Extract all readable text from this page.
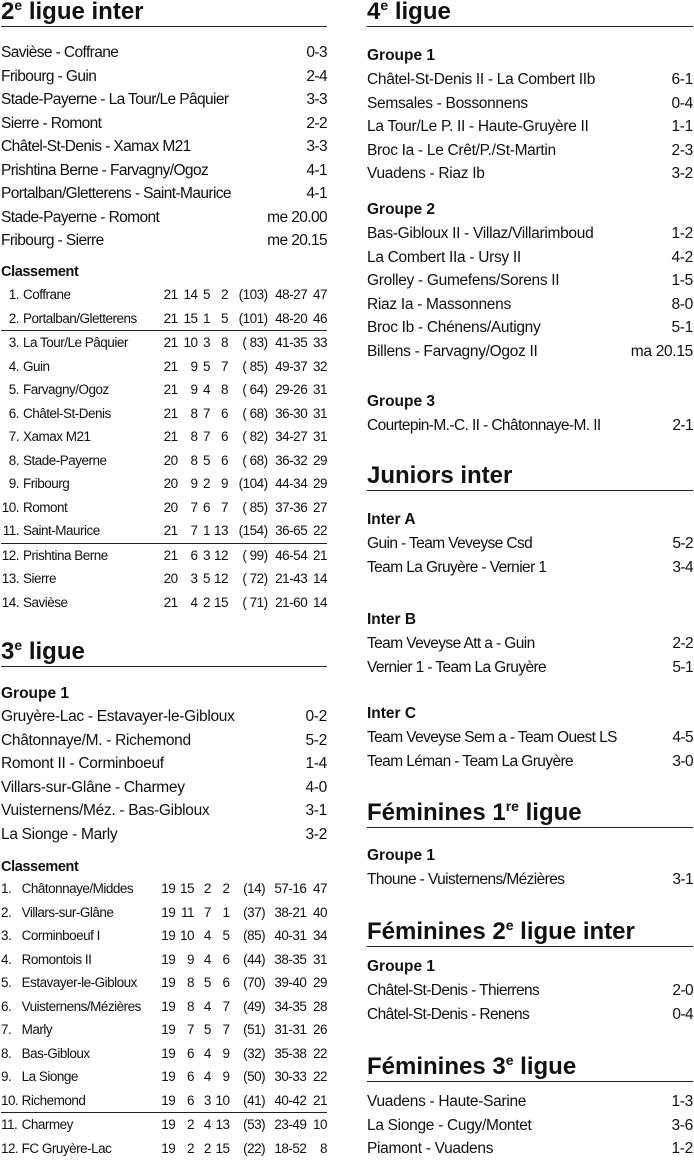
2e ligue inter
Savièse - Coffrane	0-3
Fribourg - Guin	2-4
Stade-Payerne - La Tour/Le Pâquier	3-3
Sierre - Romont	2-2
Châtel-St-Denis - Xamax M21	3-3
Prishtina Berne - Farvagny/Ogoz	4-1
Portalban/Gletterens - Saint-Maurice	4-1
Stade-Payerne - Romont	me 20.00
Fribourg - Sierre	me 20.15
Classement
1. Coffrane	21 14 5 2 (103) 48-27 47
2. Portalban/Gletterens	21 15 1 5 (101) 48-20 46
3. La Tour/Le Pâquier	21 10 3 8	( 83) 41-35 33
4. Guin	21 9 5 7	( 85) 49-37 32
5. Farvagny/Ogoz	21 9 4 8	( 64) 29-26 31
6. Châtel-St-Denis	21 8 7 6	( 68) 36-30 31
7. Xamax M21	21 8 7 6	( 82) 34-27 31
8. Stade-Payerne	20 8 5 6	( 68) 36-32 29
9. Fribourg	20 9 2 9 (104) 44-34 29
10. Romont	20 7 6 7	( 85) 37-36 27
11. Saint-Maurice	21 7 1 13 (154) 36-65 22
12. Prishtina Berne	21 6 3 12	( 99) 46-54 21
13. Sierre	20 3 5 12	( 72) 21-43 14
14. Savièse	21 4 2 15	( 71) 21-60 14
3e ligue
Groupe 1
Gruyère-Lac - Estavayer-le-Gibloux	0-2
Châtonnaye/M. - Richemond	5-2
Romont II - Corminboeuf	1-4
Villars-sur-Glâne - Charmey	4-0
Vuisternens/Méz. - Bas-Gibloux	3-1
La Sionge - Marly	3-2
Classement
1. Châtonnaye/Middes	19 15 2 2	(14) 57-16 47
2. Villars-sur-Glâne	19 11 7 1	(37) 38-21 40
3. Corminboeuf I	19 10 4 5	(85) 40-31 34
4. Romontois II	19 9 4 6	(44) 38-35 31
5. Estavayer-le-Gibloux	19 8 5 6	(70) 39-40 29
6. Vuisternens/Mézières	19 8 4 7	(49) 34-35 28
7. Marly	19 7 5 7	(51) 31-31 26
8. Bas-Gibloux	19 6 4 9	(32) 35-38 22
9. La Sionge	19 6 4 9	(50) 30-33 22
10. Richemond	19 6 3 10	(41) 40-42 21
11. Charmey	19 2 4 13	(53) 23-49 10
12. FC Gruyère-Lac	19 2 2 15	(22) 18-52	8
4e ligue
Groupe 1
Châtel-St-Denis II - La Combert IIb	6-1
Semsales - Bossonnens	0-4
La Tour/Le P. II - Haute-Gruyère II	1-1
Broc Ia - Le Crêt/P./St-Martin	2-3
Vuadens - Riaz Ib	3-2
Groupe 2
Bas-Gibloux II - Villaz/Villarimboud	1-2
La Combert IIa - Ursy II	4-2
Grolley - Gumefens/Sorens II	1-5
Riaz Ia - Massonnens	8-0
Broc Ib - Chénens/Autigny	5-1
Billens - Farvagny/Ogoz II	ma 20.15
Groupe 3
Courtepin-M.-C. II - Châtonnaye-M. II	2-1
Juniors inter
Inter A
Guin - Team Veveyse Csd	5-2
Team La Gruyère - Vernier 1	3-4
Inter B
Team Veveyse Att a - Guin	2-2
Vernier 1 - Team La Gruyère	5-1
Inter C
Team Veveyse Sem a - Team Ouest LS	4-5
Team Léman - Team La Gruyère	3-0
Féminines 1re ligue
Groupe 1
Thoune - Vuisternens/Mézières	3-1
Féminines 2e ligue inter
Groupe 1
Châtel-St-Denis - Thierrens	2-0
Châtel-St-Denis - Renens	0-4
Féminines 3e ligue
Vuadens - Haute-Sarine	1-3
La Sionge - Cugy/Montet	3-6
Piamont - Vuadens	1-2
